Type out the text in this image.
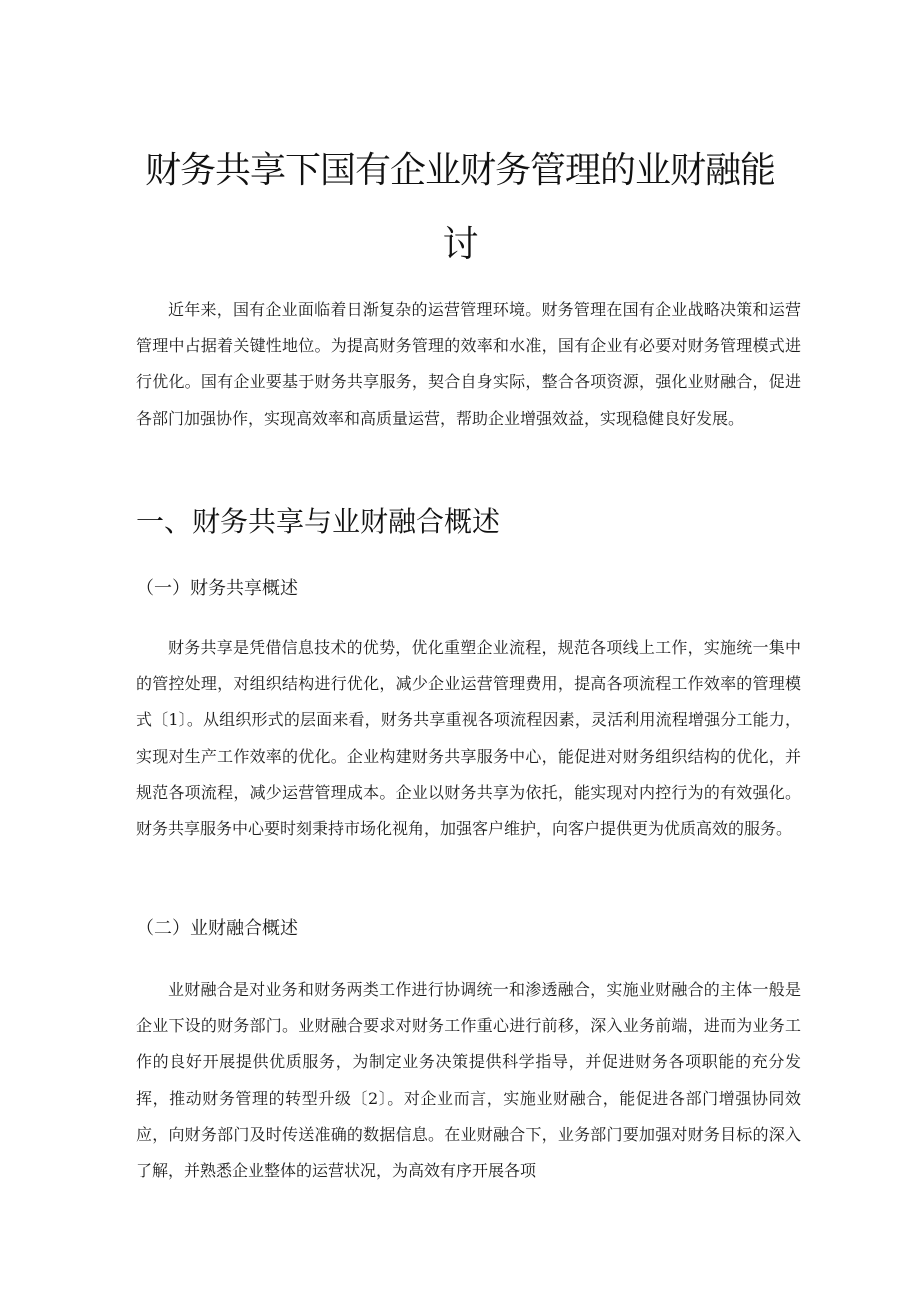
财务共享下国有企业财务管理的业财融能
讨

近年来，国有企业面临着日渐复杂的运营管理环境。财务管理在国有企业战略决策和运营管理中占据着关键性地位。为提高财务管理的效率和水准，国有企业有必要对财务管理模式进行优化。国有企业要基于财务共享服务，契合自身实际，整合各项资源，强化业财融合，促进各部门加强协作，实现高效率和高质量运营，帮助企业增强效益，实现稳健良好发展。

一、财务共享与业财融合概述
（一）财务共享概述

财务共享是凭借信息技术的优势，优化重塑企业流程，规范各项线上工作，实施统一集中的管控处理，对组织结构进行优化，减少企业运营管理费用，提高各项流程工作效率的管理模式〔1〕。从组织形式的层面来看，财务共享重视各项流程因素，灵活利用流程增强分工能力，实现对生产工作效率的优化。企业构建财务共享服务中心，能促进对财务组织结构的优化，并规范各项流程，减少运营管理成本。企业以财务共享为依托，能实现对内控行为的有效强化。财务共享服务中心要时刻秉持市场化视角，加强客户维护，向客户提供更为优质高效的服务。

（二）业财融合概述

业财融合是对业务和财务两类工作进行协调统一和渗透融合，实施业财融合的主体一般是企业下设的财务部门。业财融合要求对财务工作重心进行前移，深入业务前端，进而为业务工作的良好开展提供优质服务，为制定业务决策提供科学指导，并促进财务各项职能的充分发挥，推动财务管理的转型升级〔2〕。对企业而言，实施业财融合，能促进各部门增强协同效应，向财务部门及时传送准确的数据信息。在业财融合下，业务部门要加强对财务目标的深入了解，并熟悉企业整体的运营状况，为高效有序开展各项
